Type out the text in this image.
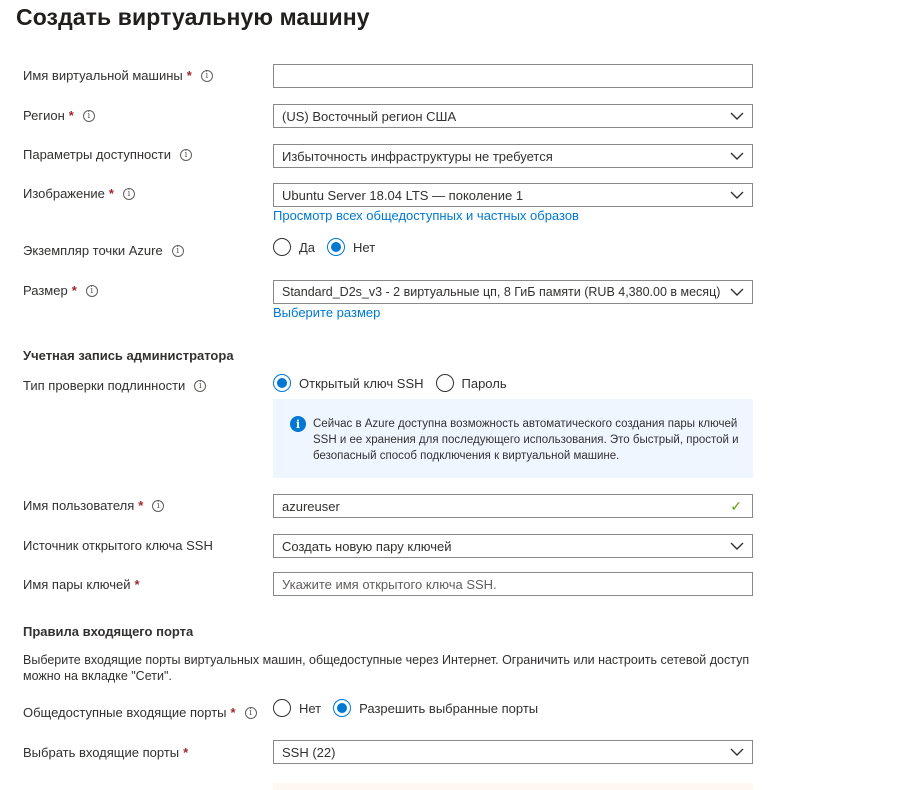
Создать виртуальную машину
Имя виртуальной машины *	i
Регион *	i	(US) Восточный регион США
Параметры доступности	i	Избыточность инфраструктуры не требуется
Изображение *	i	Ubuntu Server 18.04 LTS — поколение 1
Просмотр всех общедоступных и частных образов
Экземпляр точки Azure	i	Да	Нет
Размер *	i	Standard_D2s_v3 - 2 виртуальные цп, 8 ГиБ памяти (RUB 4,380.00 в месяц)
Выберите размер
Учетная запись администратора
Тип проверки подлинности	i	Открытый ключ SSH	Пароль
i	Сейчас в Azure доступна возможность автоматического создания пары ключей SSH и ее хранения для последующего использования. Это быстрый, простой и безопасный способ подключения к виртуальной машине.
Имя пользователя *	i	azureuser	✓
Источник открытого ключа SSH	Создать новую пару ключей
Имя пары ключей *	Укажите имя открытого ключа SSH.
Правила входящего порта
Выберите входящие порты виртуальных машин, общедоступные через Интернет. Ограничить или настроить сетевой доступ можно на вкладке "Сети".
Общедоступные входящие порты *	i	Нет	Разрешить выбранные порты
Выбрать входящие порты *	SSH (22)
